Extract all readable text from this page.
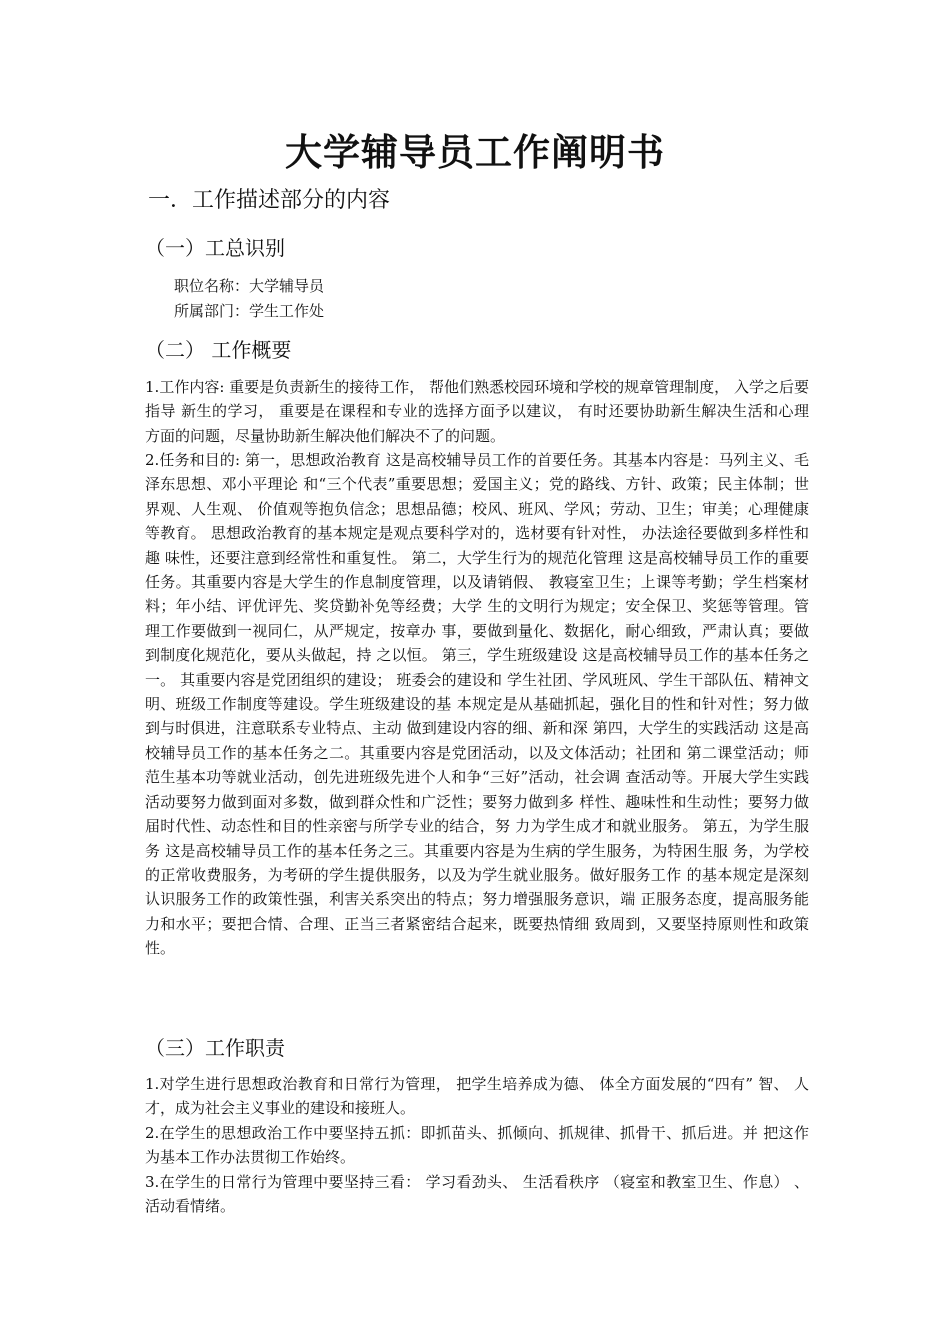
大学辅导员工作阐明书
一．工作描述部分的内容
（一）工总识别

职位名称：大学辅导员

所属部门：学生工作处

（二） 工作概要

1.工作内容: 重要是负责新生的接待工作， 帮他们熟悉校园环境和学校的规章管理制度， 入学之后要指导 新生的学习， 重要是在课程和专业的选择方面予以建议， 有时还要协助新生解决生活和心理 方面的问题，尽量协助新生解决他们解决不了的问题。

2.任务和目的: 第一，思想政治教育 这是高校辅导员工作的首要任务。其基本内容是：马列主义、毛泽东思想、邓小平理论 和“三个代表”重要思想；爱国主义；党的路线、方针、政策；民主体制；世界观、人生观、 价值观等抱负信念；思想品德；校风、班风、学风；劳动、卫生；审美；心理健康等教育。 思想政治教育的基本规定是观点要科学对的，选材要有针对性， 办法途径要做到多样性和趣 味性，还要注意到经常性和重复性。 第二，大学生行为的规范化管理 这是高校辅导员工作的重要任务。其重要内容是大学生的作息制度管理，以及请销假、 教寝室卫生；上课等考勤；学生档案材料；年小结、评优评先、奖贷勤补免等经费；大学 生的文明行为规定；安全保卫、奖惩等管理。管理工作要做到一视同仁，从严规定，按章办 事，要做到量化、数据化，耐心细致，严肃认真；要做到制度化规范化，要从头做起，持 之以恒。 第三，学生班级建设 这是高校辅导员工作的基本任务之一。 其重要内容是党团组织的建设； 班委会的建设和 学生社团、学风班风、学生干部队伍、精神文明、班级工作制度等建设。学生班级建设的基 本规定是从基础抓起，强化目的性和针对性；努力做到与时俱进，注意联系专业特点、主动 做到建设内容的细、新和深 第四，大学生的实践活动 这是高校辅导员工作的基本任务之二。其重要内容是党团活动，以及文体活动；社团和 第二课堂活动；师范生基本功等就业活动，创先进班级先进个人和争“三好”活动，社会调 查活动等。开展大学生实践活动要努力做到面对多数，做到群众性和广泛性；要努力做到多 样性、趣味性和生动性；要努力做届时代性、动态性和目的性亲密与所学专业的结合，努 力为学生成才和就业服务。 第五，为学生服务 这是高校辅导员工作的基本任务之三。其重要内容是为生病的学生服务，为特困生服 务，为学校的正常收费服务，为考研的学生提供服务，以及为学生就业服务。做好服务工作 的基本规定是深刻认识服务工作的政策性强，利害关系突出的特点；努力增强服务意识，端 正服务态度，提高服务能力和水平；要把合情、合理、正当三者紧密结合起来，既要热情细 致周到，又要坚持原则性和政策性。

（三）工作职责

1.对学生进行思想政治教育和日常行为管理， 把学生培养成为德、 体全方面发展的“四有” 智、 人才，成为社会主义事业的建设和接班人。

2.在学生的思想政治工作中要坚持五抓：即抓苗头、抓倾向、抓规律、抓骨干、抓后进。并 把这作为基本工作办法贯彻工作始终。

3.在学生的日常行为管理中要坚持三看： 学习看劲头、 生活看秩序 （寝室和教室卫生、作息） 、 活动看情绪。
